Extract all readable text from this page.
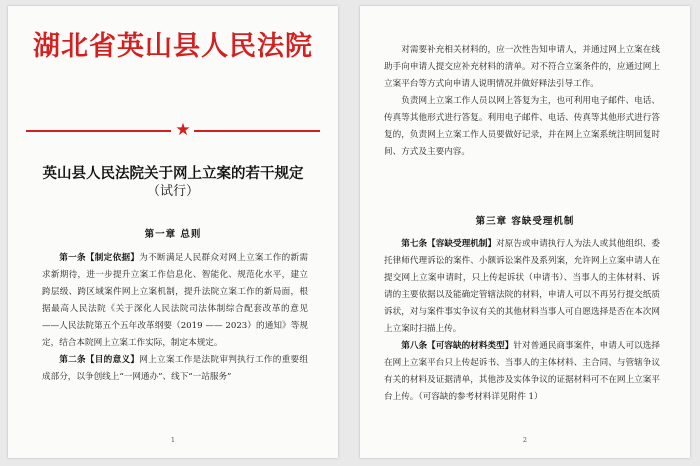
湖北省英山县人民法院
★
英山县人民法院关于网上立案的若干规定
（试行）
第一章 总则

第一条【制定依据】为不断满足人民群众对网上立案工作的新需求新期待，进一步提升立案工作信息化、智能化、规范化水平，建立跨层级、跨区域案件网上立案机制，提升法院立案工作的新局面，根据最高人民法院《关于深化人民法院司法体制综合配套改革的意见——人民法院第五个五年改革纲要（2019 —— 2023）的通知》等规定，结合本院网上立案工作实际，制定本规定。

第二条【目的意义】网上立案工作是法院审判执行工作的重要组成部分，以争创线上“一网通办”、线下“一站服务”

1

对需要补充相关材料的，应一次性告知申请人，并通过网上立案在线助手向申请人提交应补充材料的清单。对不符合立案条件的，应通过网上立案平台等方式向申请人说明情况并做好释法引导工作。

负责网上立案工作人员以网上答复为主，也可利用电子邮件、电话、传真等其他形式进行答复。利用电子邮件、电话、传真等其他形式进行答复的，负责网上立案工作人员要做好记录，并在网上立案系统注明回复时间、方式及主要内容。

第三章 容缺受理机制

第七条【容缺受理机制】对原告或申请执行人为法人或其他组织、委托律师代理诉讼的案件、小额诉讼案件及系列案，允许网上立案申请人在提交网上立案申请时，只上传起诉状（申请书）、当事人的主体材料、诉请的主要依据以及能确定管辖法院的材料，申请人可以不再另行提交纸质诉状，对与案件事实争议有关的其他材料当事人可自愿选择是否在本次网上立案时扫描上传。

第八条【可容缺的材料类型】针对普通民商事案件，申请人可以选择在网上立案平台只上传起诉书、当事人的主体材料、主合同、与管辖争议有关的材料及证据清单，其他涉及实体争议的证据材料可不在网上立案平台上传。（可容缺的参考材料详见附件 1）

2
